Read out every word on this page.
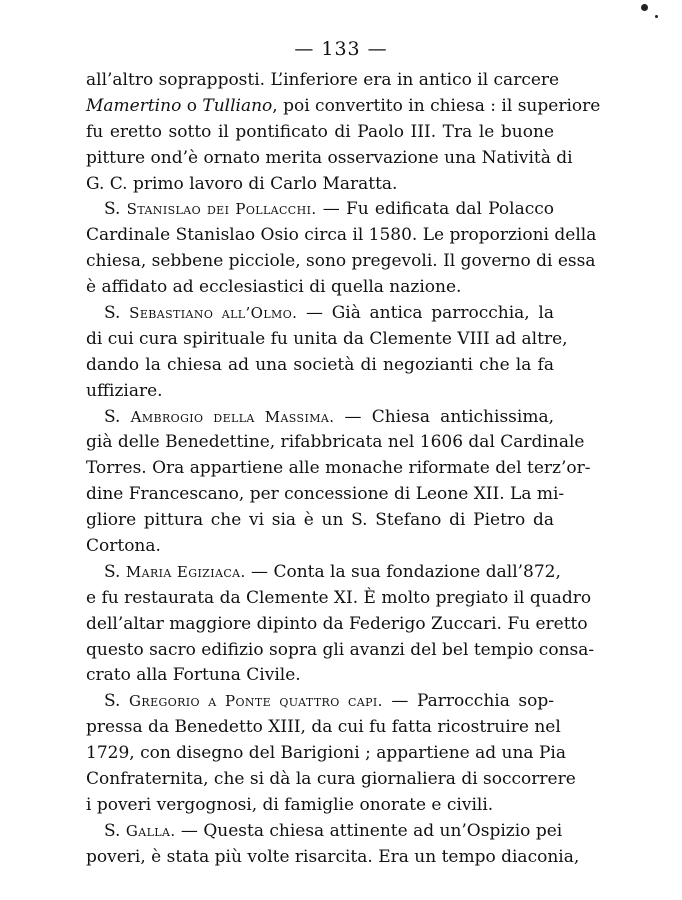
— 133 —
all’altro soprapposti. L’inferiore era in antico il carcere
Mamertino o Tulliano, poi convertito in chiesa : il superiore
fu eretto sotto il pontificato di Paolo III. Tra le buone
pitture ond’è ornato merita osservazione una Natività di
G. C. primo lavoro di Carlo Maratta.
S. Stanislao dei Pollacchi. — Fu edificata dal Polacco
Cardinale Stanislao Osio circa il 1580. Le proporzioni della
chiesa, sebbene picciole, sono pregevoli. Il governo di essa
è affidato ad ecclesiastici di quella nazione.
S. Sebastiano all’Olmo. — Già antica parrocchia, la
di cui cura spirituale fu unita da Clemente VIII ad altre,
dando la chiesa ad una società di negozianti che la fa
uffiziare.
S. Ambrogio della Massima. — Chiesa antichissima,
già delle Benedettine, rifabbricata nel 1606 dal Cardinale
Torres. Ora appartiene alle monache riformate del terz’or-
dine Francescano, per concessione di Leone XII. La mi-
gliore pittura che vi sia è un S. Stefano di Pietro da
Cortona.
S. Maria Egiziaca. — Conta la sua fondazione dall’872,
e fu restaurata da Clemente XI. È molto pregiato il quadro
dell’altar maggiore dipinto da Federigo Zuccari. Fu eretto
questo sacro edifizio sopra gli avanzi del bel tempio consa-
crato alla Fortuna Civile.
S. Gregorio a Ponte quattro capi. — Parrocchia sop-
pressa da Benedetto XIII, da cui fu fatta ricostruire nel
1729, con disegno del Barigioni ; appartiene ad una Pia
Confraternita, che si dà la cura giornaliera di soccorrere
i poveri vergognosi, di famiglie onorate e civili.
S. Galla. — Questa chiesa attinente ad un’Ospizio pei
poveri, è stata più volte risarcita. Era un tempo diaconia,
